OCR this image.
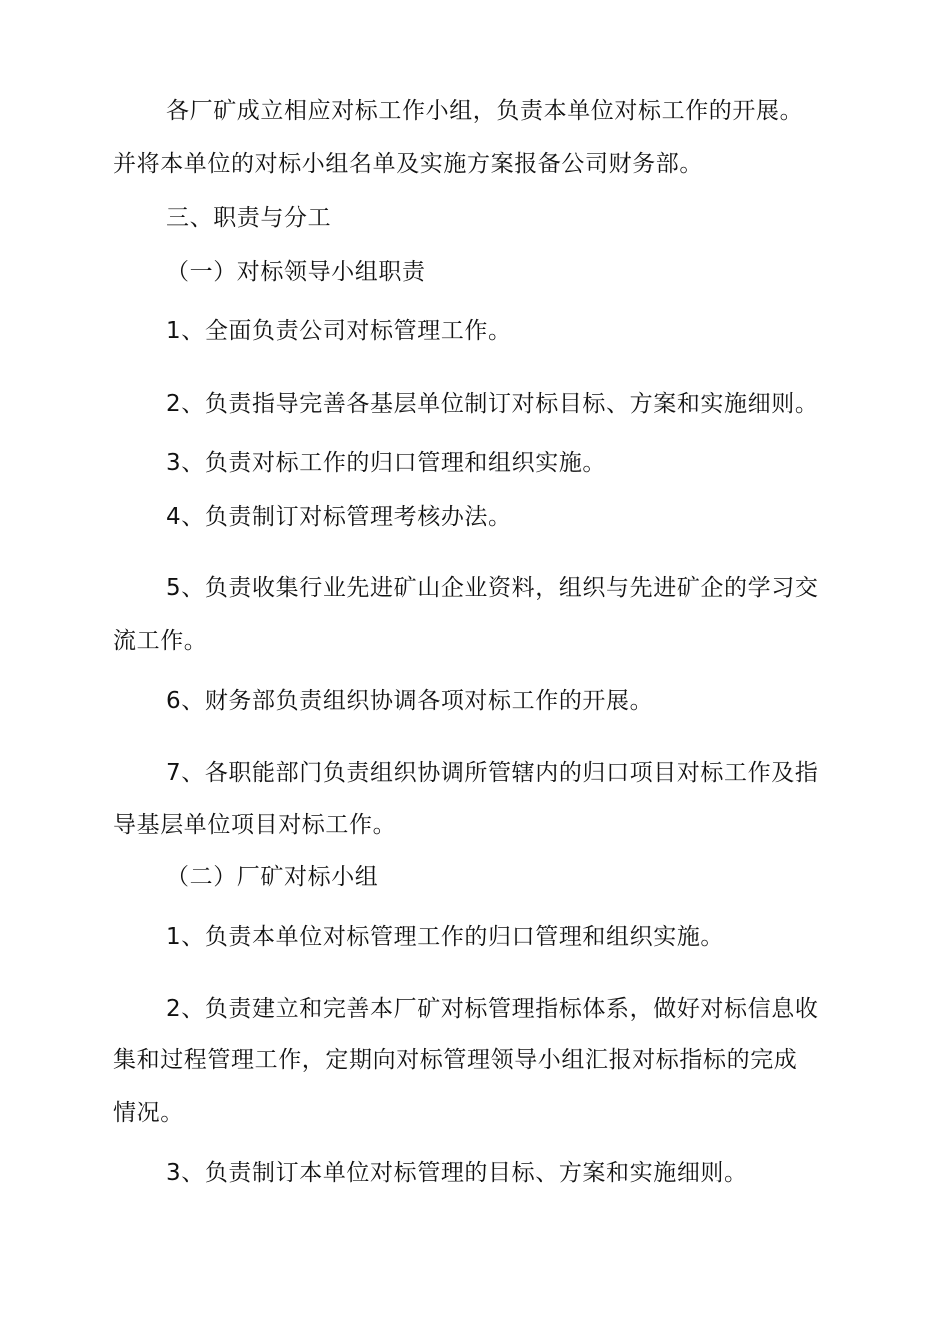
各厂矿成立相应对标工作小组，负责本单位对标工作的开展。
并将本单位的对标小组名单及实施方案报备公司财务部。
三、职责与分工
（一）对标领导小组职责
1、全面负责公司对标管理工作。
2、负责指导完善各基层单位制订对标目标、方案和实施细则。
3、负责对标工作的归口管理和组织实施。
4、负责制订对标管理考核办法。
5、负责收集行业先进矿山企业资料，组织与先进矿企的学习交
流工作。
6、财务部负责组织协调各项对标工作的开展。
7、各职能部门负责组织协调所管辖内的归口项目对标工作及指
导基层单位项目对标工作。
（二）厂矿对标小组
1、负责本单位对标管理工作的归口管理和组织实施。
2、负责建立和完善本厂矿对标管理指标体系，做好对标信息收
集和过程管理工作，定期向对标管理领导小组汇报对标指标的完成
情况。
3、负责制订本单位对标管理的目标、方案和实施细则。
